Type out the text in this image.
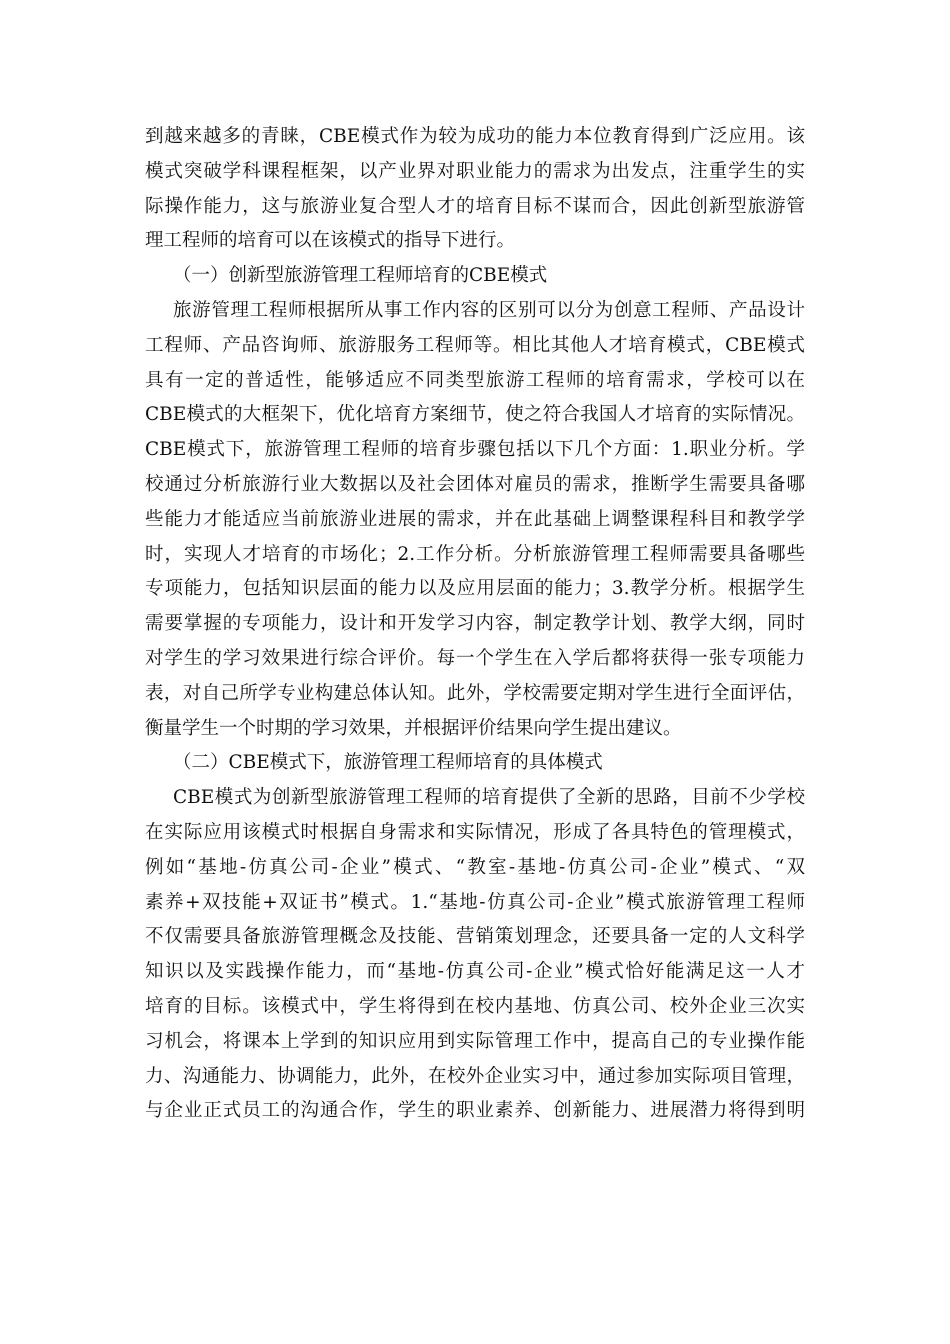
到越来越多的青睐，CBE模式作为较为成功的能力本位教育得到广泛应用。该
模式突破学科课程框架，以产业界对职业能力的需求为出发点，注重学生的实
际操作能力，这与旅游业复合型人才的培育目标不谋而合，因此创新型旅游管
理工程师的培育可以在该模式的指导下进行。
（一）创新型旅游管理工程师培育的CBE模式
旅游管理工程师根据所从事工作内容的区别可以分为创意工程师、产品设计
工程师、产品咨询师、旅游服务工程师等。相比其他人才培育模式，CBE模式
具有一定的普适性，能够适应不同类型旅游工程师的培育需求，学校可以在
CBE模式的大框架下，优化培育方案细节，使之符合我国人才培育的实际情况。
CBE模式下，旅游管理工程师的培育步骤包括以下几个方面：1.职业分析。学
校通过分析旅游行业大数据以及社会团体对雇员的需求，推断学生需要具备哪
些能力才能适应当前旅游业进展的需求，并在此基础上调整课程科目和教学学
时，实现人才培育的市场化；2.工作分析。分析旅游管理工程师需要具备哪些
专项能力，包括知识层面的能力以及应用层面的能力；3.教学分析。根据学生
需要掌握的专项能力，设计和开发学习内容，制定教学计划、教学大纲，同时
对学生的学习效果进行综合评价。每一个学生在入学后都将获得一张专项能力
表，对自己所学专业构建总体认知。此外，学校需要定期对学生进行全面评估，
衡量学生一个时期的学习效果，并根据评价结果向学生提出建议。
（二）CBE模式下，旅游管理工程师培育的具体模式
CBE模式为创新型旅游管理工程师的培育提供了全新的思路，目前不少学校
在实际应用该模式时根据自身需求和实际情况，形成了各具特色的管理模式，
例如“基地-仿真公司-企业”模式、“教室-基地-仿真公司-企业”模式、“双
素养+双技能+双证书”模式。1.“基地-仿真公司-企业”模式旅游管理工程师
不仅需要具备旅游管理概念及技能、营销策划理念，还要具备一定的人文科学
知识以及实践操作能力，而“基地-仿真公司-企业”模式恰好能满足这一人才
培育的目标。该模式中，学生将得到在校内基地、仿真公司、校外企业三次实
习机会，将课本上学到的知识应用到实际管理工作中，提高自己的专业操作能
力、沟通能力、协调能力，此外，在校外企业实习中，通过参加实际项目管理，
与企业正式员工的沟通合作，学生的职业素养、创新能力、进展潜力将得到明
